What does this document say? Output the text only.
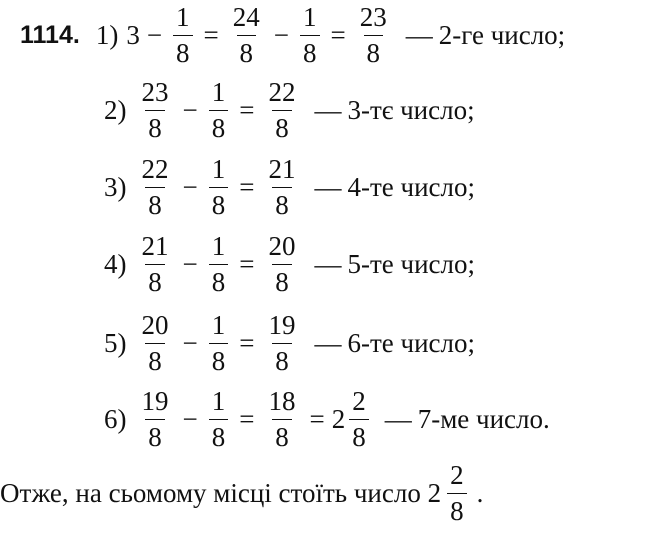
1114. 1) $3 - \frac{1}{8} = \frac{24}{8} - \frac{1}{8} = \frac{23}{8}$ — 2-ге число;
$2) \frac{23}{8} - \frac{1}{8} = \frac{22}{8}$ — 3-тє число;
$3) \frac{22}{8} - \frac{1}{8} = \frac{21}{8}$ — 4-те число;
$4) \frac{21}{8} - \frac{1}{8} = \frac{20}{8}$ — 5-те число;
$5) \frac{20}{8} - \frac{1}{8} = \frac{19}{8}$ — 6-те число;
$6) \frac{19}{8} - \frac{1}{8} = \frac{18}{8} = 2 \frac{2}{8}$ — 7-ме число.
Отже, на сьомому місці стоїть число $2 \frac{2}{8}$ .
